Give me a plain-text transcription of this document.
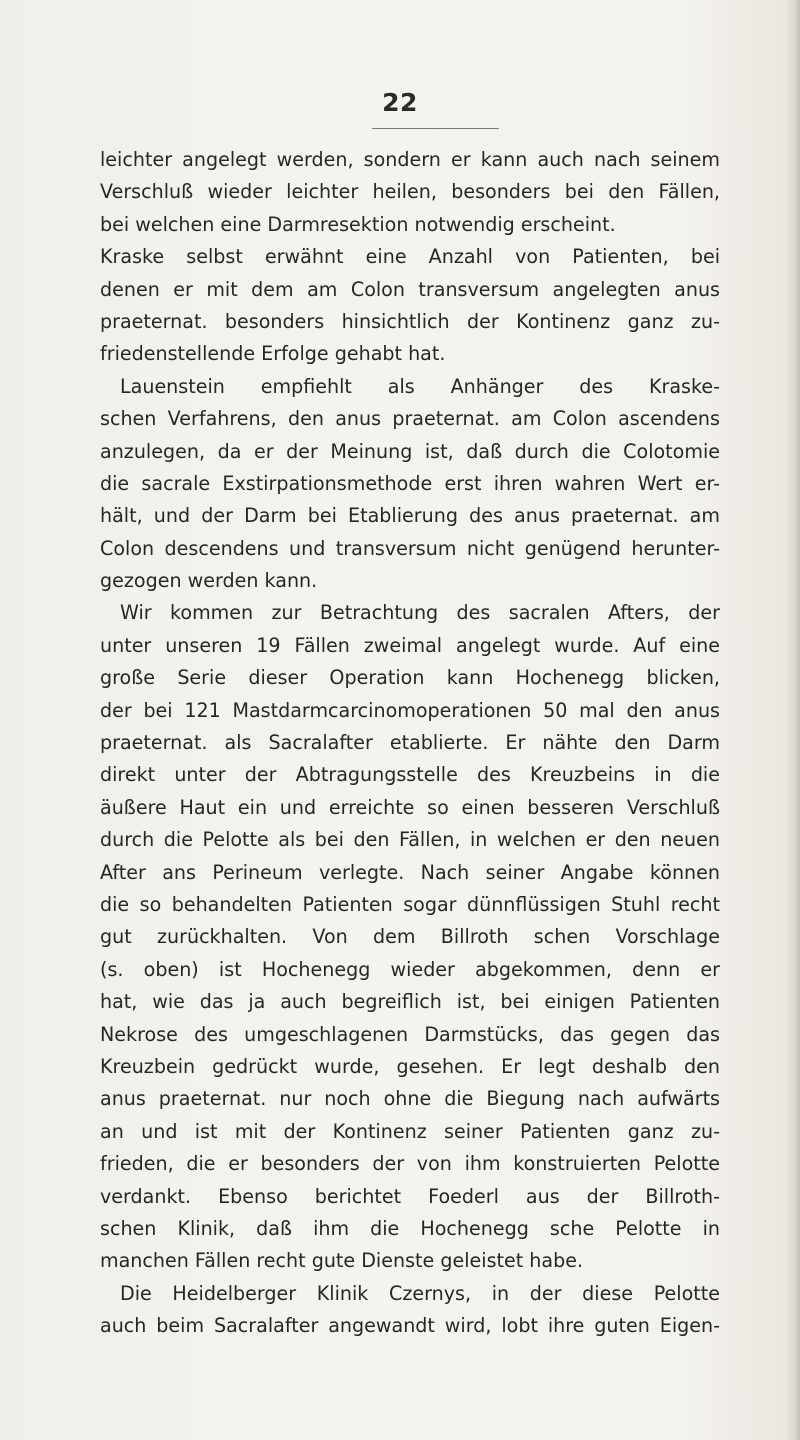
22
leichter angelegt werden, sondern er kann auch nach seinem
Verschluß wieder leichter heilen, besonders bei den Fällen,
bei welchen eine Darmresektion notwendig erscheint.
Kraske selbst erwähnt eine Anzahl von Patienten, bei
denen er mit dem am Colon transversum angelegten anus
praeternat. besonders hinsichtlich der Kontinenz ganz zu-
friedenstellende Erfolge gehabt hat.
Lauenstein empfiehlt als Anhänger des Kraske-
schen Verfahrens, den anus praeternat. am Colon ascendens
anzulegen, da er der Meinung ist, daß durch die Colotomie
die sacrale Exstirpationsmethode erst ihren wahren Wert er-
hält, und der Darm bei Etablierung des anus praeternat. am
Colon descendens und transversum nicht genügend herunter-
gezogen werden kann.
Wir kommen zur Betrachtung des sacralen Afters, der
unter unseren 19 Fällen zweimal angelegt wurde. Auf eine
große Serie dieser Operation kann Hochenegg blicken,
der bei 121 Mastdarmcarcinomoperationen 50 mal den anus
praeternat. als Sacralafter etablierte. Er nähte den Darm
direkt unter der Abtragungsstelle des Kreuzbeins in die
äußere Haut ein und erreichte so einen besseren Verschluß
durch die Pelotte als bei den Fällen, in welchen er den neuen
After ans Perineum verlegte. Nach seiner Angabe können
die so behandelten Patienten sogar dünnflüssigen Stuhl recht
gut zurückhalten. Von dem Billroth schen Vorschlage
(s. oben) ist Hochenegg wieder abgekommen, denn er
hat, wie das ja auch begreiflich ist, bei einigen Patienten
Nekrose des umgeschlagenen Darmstücks, das gegen das
Kreuzbein gedrückt wurde, gesehen. Er legt deshalb den
anus praeternat. nur noch ohne die Biegung nach aufwärts
an und ist mit der Kontinenz seiner Patienten ganz zu-
frieden, die er besonders der von ihm konstruierten Pelotte
verdankt. Ebenso berichtet Foederl aus der Billroth-
schen Klinik, daß ihm die Hochenegg sche Pelotte in
manchen Fällen recht gute Dienste geleistet habe.
Die Heidelberger Klinik Czernys, in der diese Pelotte
auch beim Sacralafter angewandt wird, lobt ihre guten Eigen-
